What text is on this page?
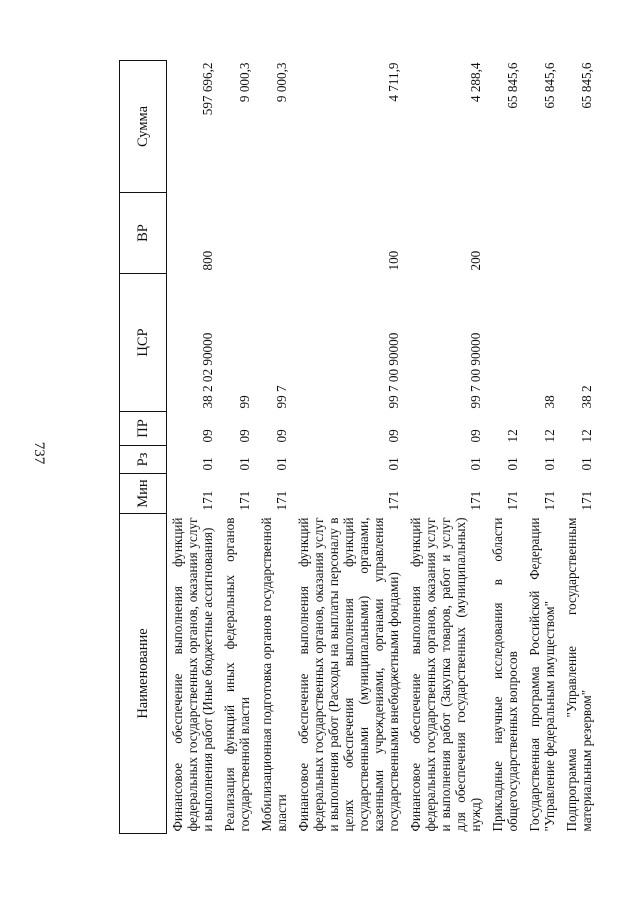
737
Наименование	Мин	Рз	ПР	ЦСР	ВР	Сумма
Финансовое обеспечение выполнения функций федеральных государственных органов, оказания услуг и выполнения работ (Иные бюджетные ассигнования)	171	01	09	38 2 02 90000	800	597 696,2
Реализация функций иных федеральных органов государственной власти	171	01	09	99		9 000,3
Мобилизационная подготовка органов государственной власти	171	01	09	99 7		9 000,3
Финансовое обеспечение выполнения функций федеральных государственных органов, оказания услуг и выполнения работ (Расходы на выплаты персоналу в целях обеспечения выполнения функций государственными (муниципальными) органами, казенными учреждениями, органами управления государственными внебюджетными фондами)	171	01	09	99 7 00 90000	100	4 711,9
Финансовое обеспечение выполнения функций федеральных государственных органов, оказания услуг и выполнения работ (Закупка товаров, работ и услуг для обеспечения государственных (муниципальных) нужд)	171	01	09	99 7 00 90000	200	4 288,4
Прикладные научные исследования в области общегосударственных вопросов	171	01	12			65 845,6
Государственная программа Российской Федерации "Управление федеральным имуществом"	171	01	12	38		65 845,6
Подпрограмма "Управление государственным материальным резервом"	171	01	12	38 2		65 845,6
